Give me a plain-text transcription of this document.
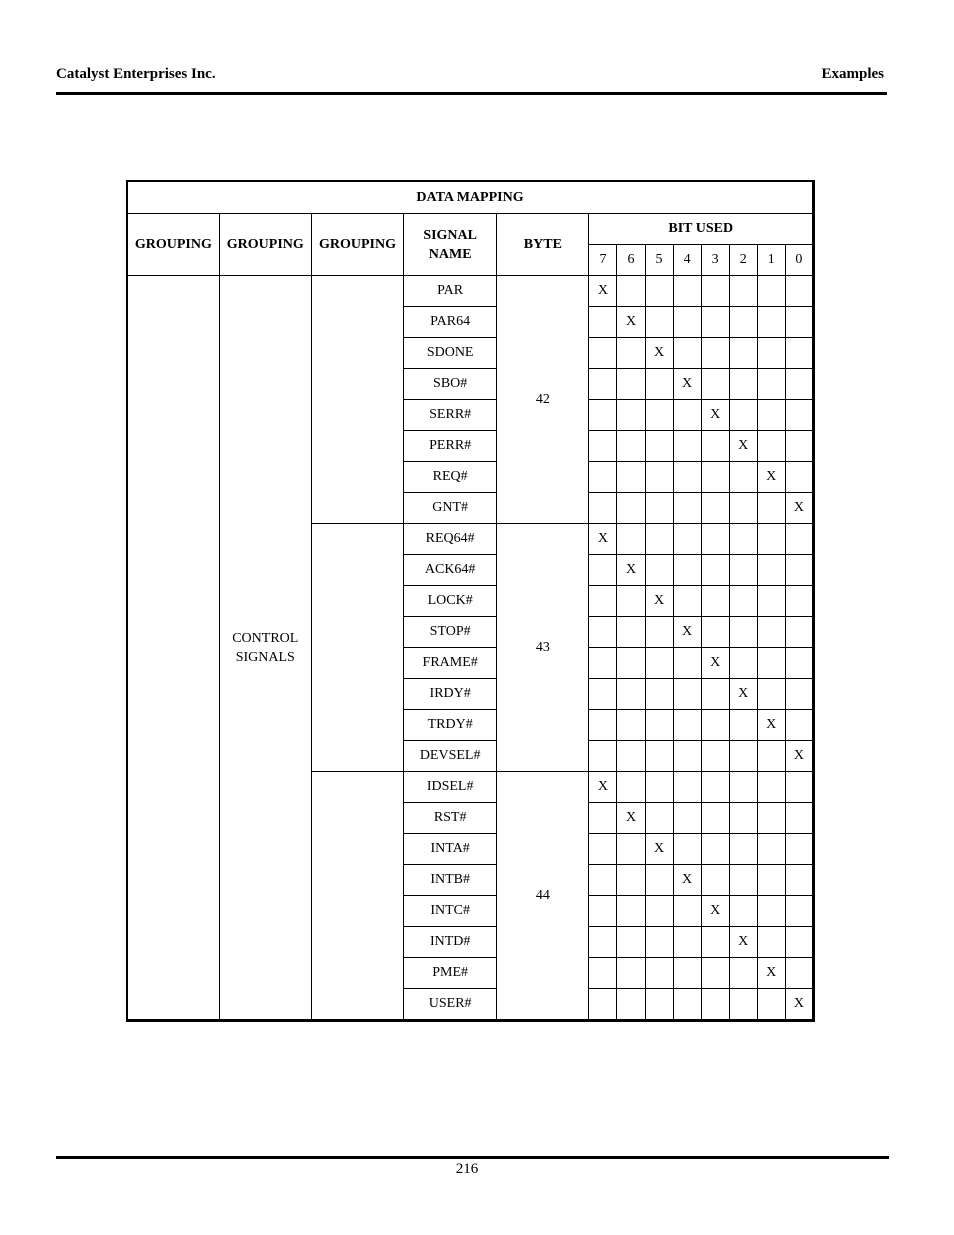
Catalyst Enterprises Inc.	Examples
DATA MAPPING												
GROUPING	GROUPING	GROUPING	SIGNAL NAME	BYTE	BIT USED							
					7	6	5	4	3	2	1	0
	CONTROL SIGNALS		PAR	42	X							
			PAR64			X						
			SDONE				X					
			SBO#					X				
			SERR#						X			
			PERR#							X		
			REQ#								X	
			GNT#									X
			REQ64#	43	X							
			ACK64#			X						
			LOCK#				X					
			STOP#					X				
			FRAME#						X			
			IRDY#							X		
			TRDY#								X	
			DEVSEL#									X
			IDSEL#	44	X							
			RST#			X						
			INTA#				X					
			INTB#					X				
			INTC#						X			
			INTD#							X		
			PME#								X	
			USER#									X
216
